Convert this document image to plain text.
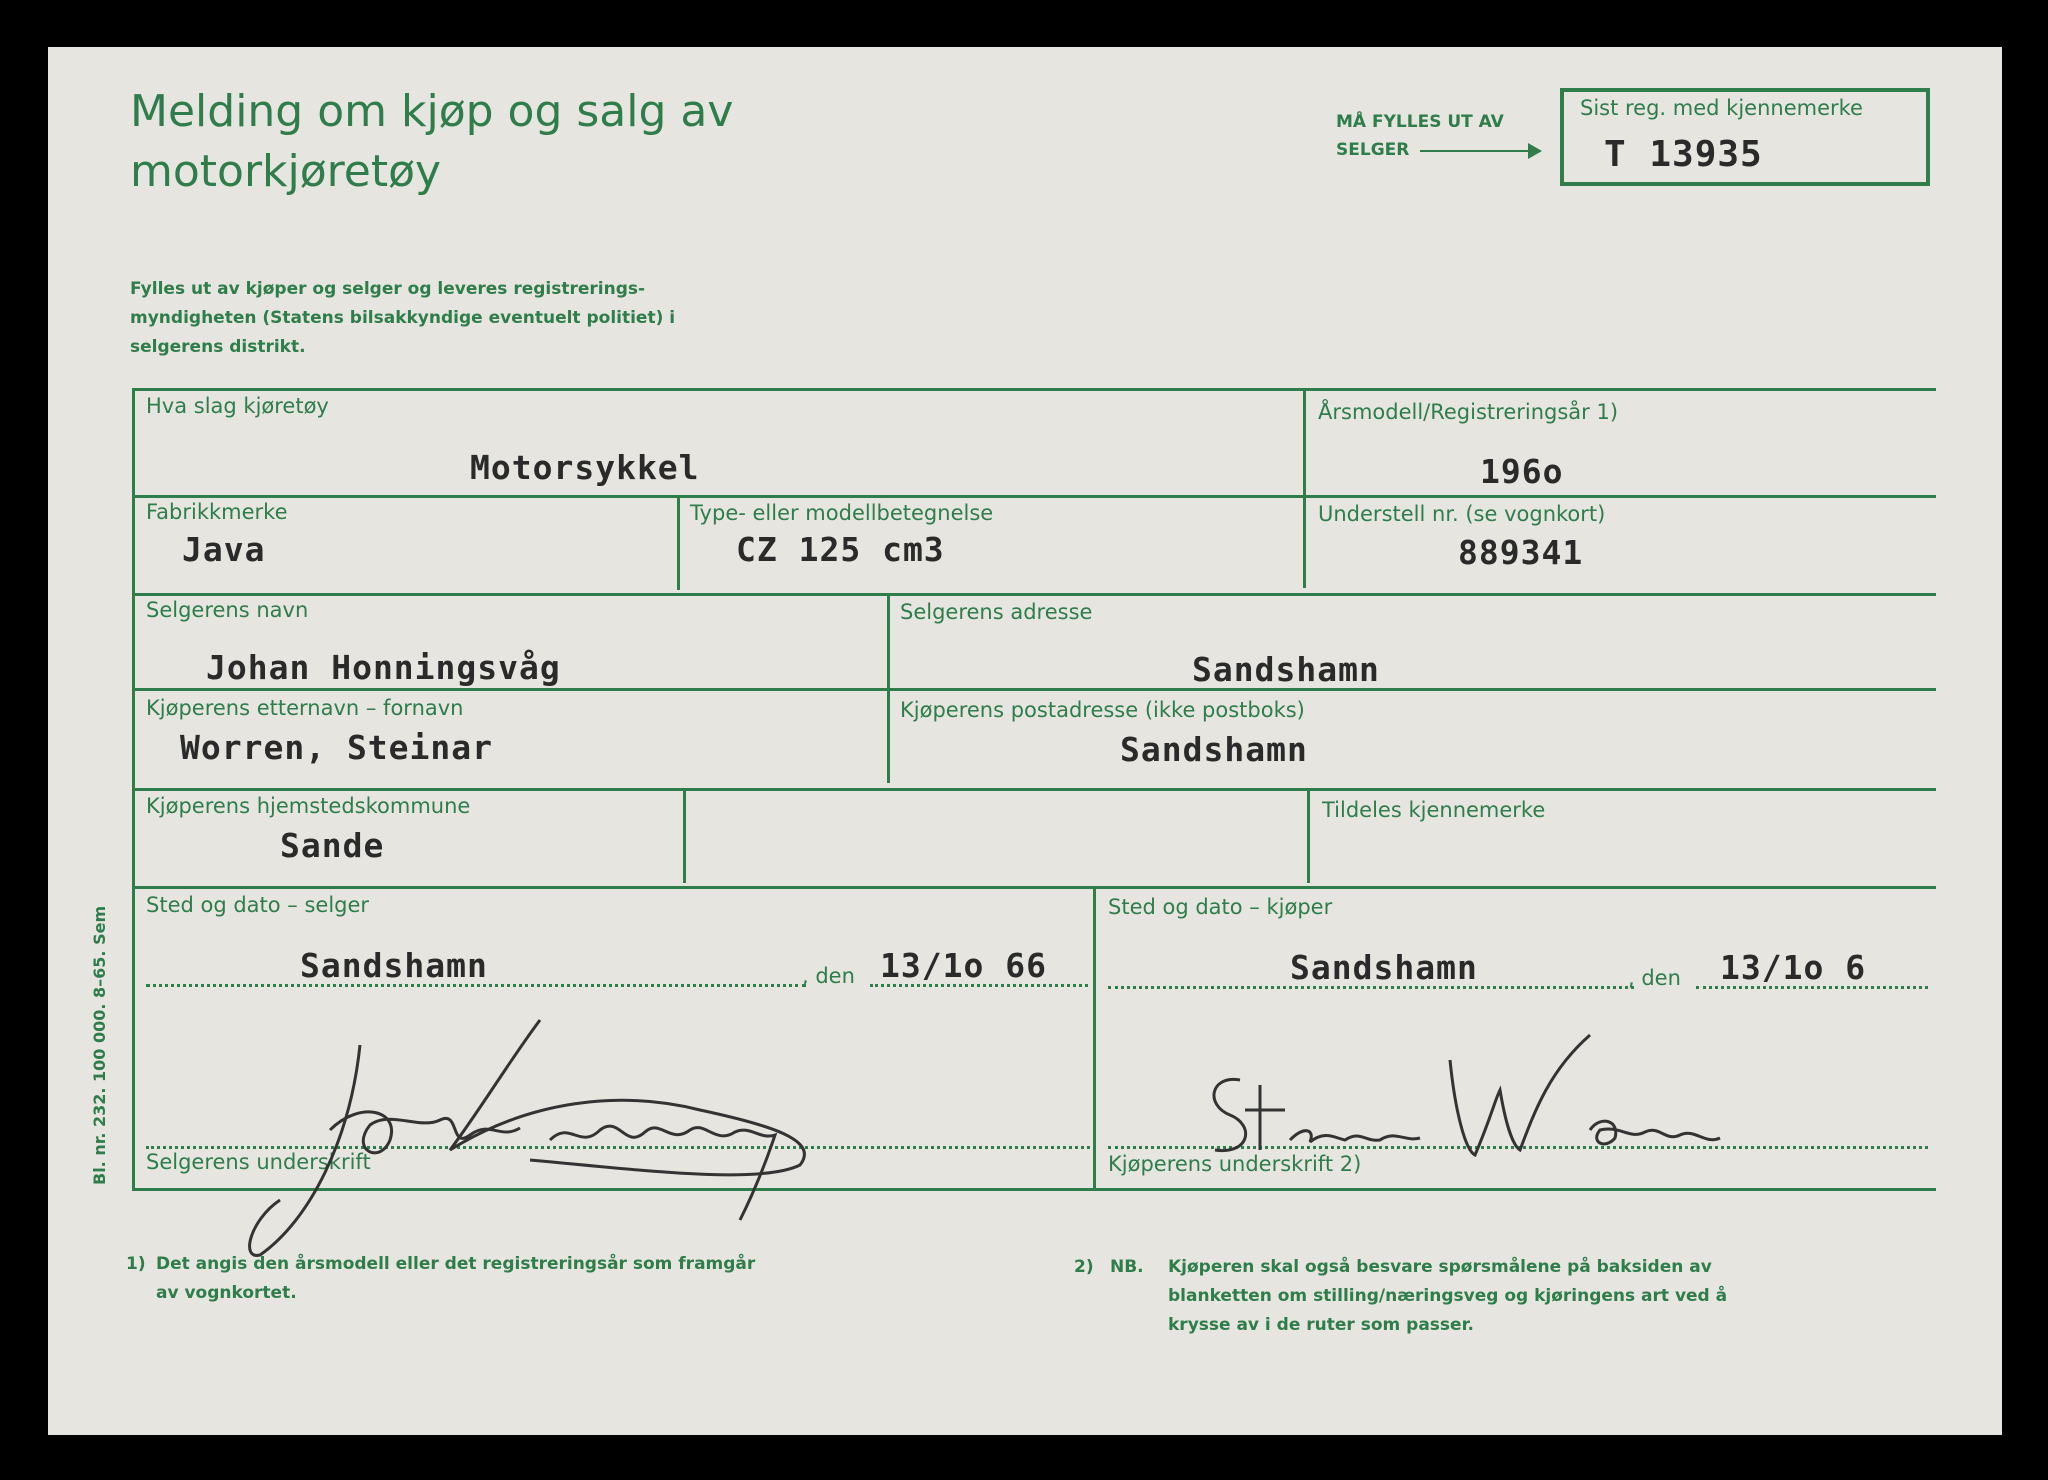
Melding om kjøp og salg av
motorkjøretøy
Fylles ut av kjøper og selger og leveres registrerings-myndigheten (Statens bilsakkyndige eventuelt politiet) i selgerens distrikt.
MÅ FYLLES UT AV
SELGER
Sist reg. med kjennemerke
T 13935
Hva slag kjøretøy
Motorsykkel
Årsmodell/Registreringsår 1)
196o
Fabrikkmerke
Java
Type- eller modellbetegnelse
CZ 125 cm3
Understell nr. (se vognkort)
889341
Selgerens navn
Johan Honningsvåg
Selgerens adresse
Sandshamn
Kjøperens etternavn – fornavn
Worren, Steinar
Kjøperens postadresse (ikke postboks)
Sandshamn
Kjøperens hjemstedskommune
Sande
Tildeles kjennemerke
Sted og dato – selger
Sandshamn	, den 13/1o 66
Sted og dato – kjøper
Sandshamn	, den 13/1o 6
Selgerens underskrift	Kjøperens underskrift 2)
1) Det angis den årsmodell eller det registreringsår som framgår av vognkortet.
2) NB. Kjøperen skal også besvare spørsmålene på baksiden av blanketten om stilling/næringsveg og kjøringens art ved å krysse av i de ruter som passer.
Bl. nr. 232. 100 000. 8–65. Sem
